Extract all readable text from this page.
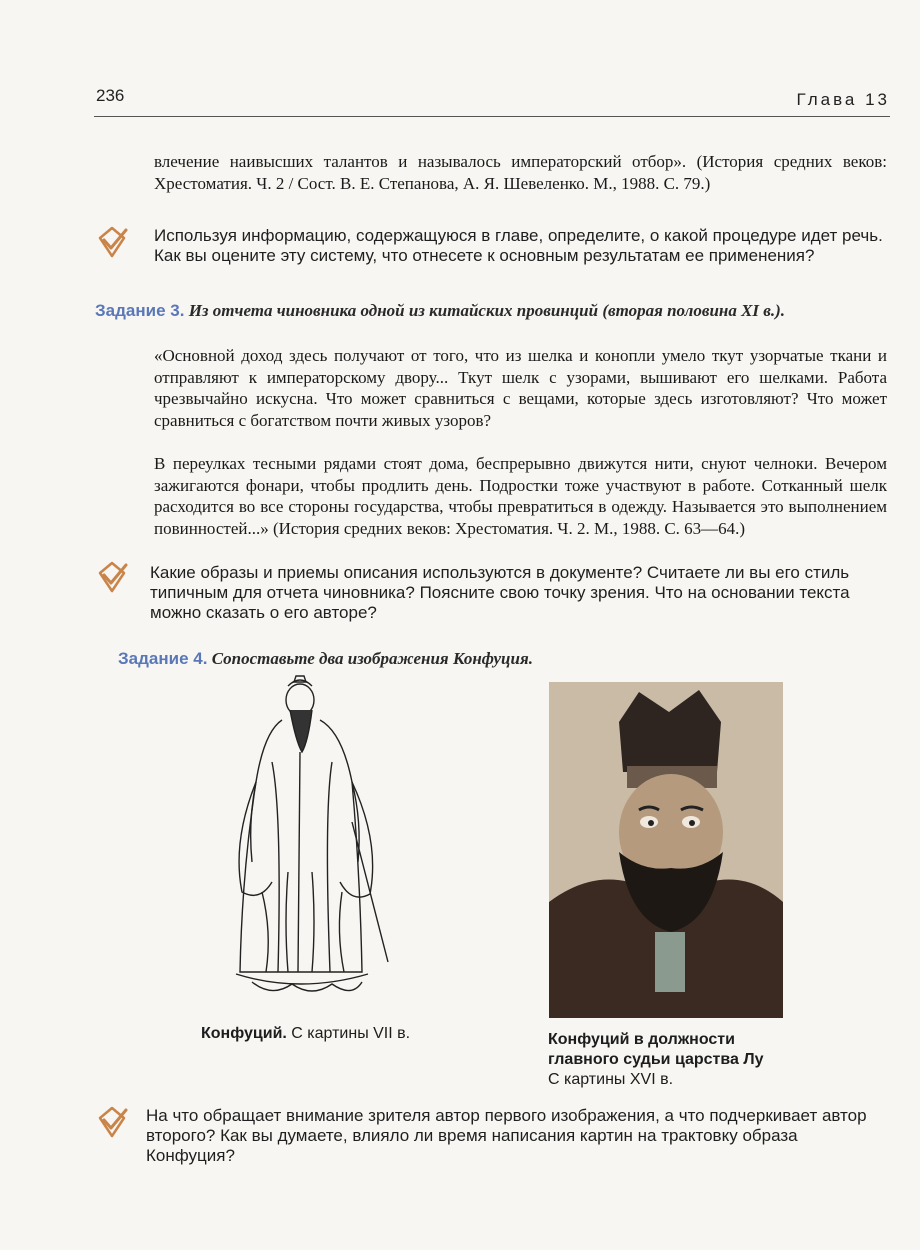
236	Глава 13

влечение наивысших талантов и называлось императорский отбор». (История средних веков: Хрестоматия. Ч. 2 / Сост. В. Е. Степанова, А. Я. Шевеленко. М., 1988. С. 79.)

Используя информацию, содержащуюся в главе, определите, о какой процедуре идет речь. Как вы оцените эту систему, что отнесете к основным результатам ее применения?

Задание 3. Из отчета чиновника одной из китайских провинций (вторая половина XI в.).

«Основной доход здесь получают от того, что из шелка и конопли умело ткут узорчатые ткани и отправляют к императорскому двору... Ткут шелк с узорами, вышивают его шелками. Работа чрезвычайно искусна. Что может сравниться с вещами, которые здесь изготовляют? Что может сравниться с богатством почти живых узоров?

В переулках тесными рядами стоят дома, беспрерывно движутся нити, снуют челноки. Вечером зажигаются фонари, чтобы продлить день. Подростки тоже участвуют в работе. Сотканный шелк расходится во все стороны государства, чтобы превратиться в одежду. Называется это выполнением повинностей...» (История средних веков: Хрестоматия. Ч. 2. М., 1988. С. 63—64.)

Какие образы и приемы описания используются в документе? Считаете ли вы его стиль типичным для отчета чиновника? Поясните свою точку зрения. Что на основании текста можно сказать о его авторе?

Задание 4. Сопоставьте два изображения Конфуция.

Конфуций. С картины VII в.	Конфуций в должности
главного судьи царства Лу
С картины XVI в.

На что обращает внимание зрителя автор первого изображения, а что подчеркивает автор второго? Как вы думаете, влияло ли время написания картин на трактовку образа Конфуция?
